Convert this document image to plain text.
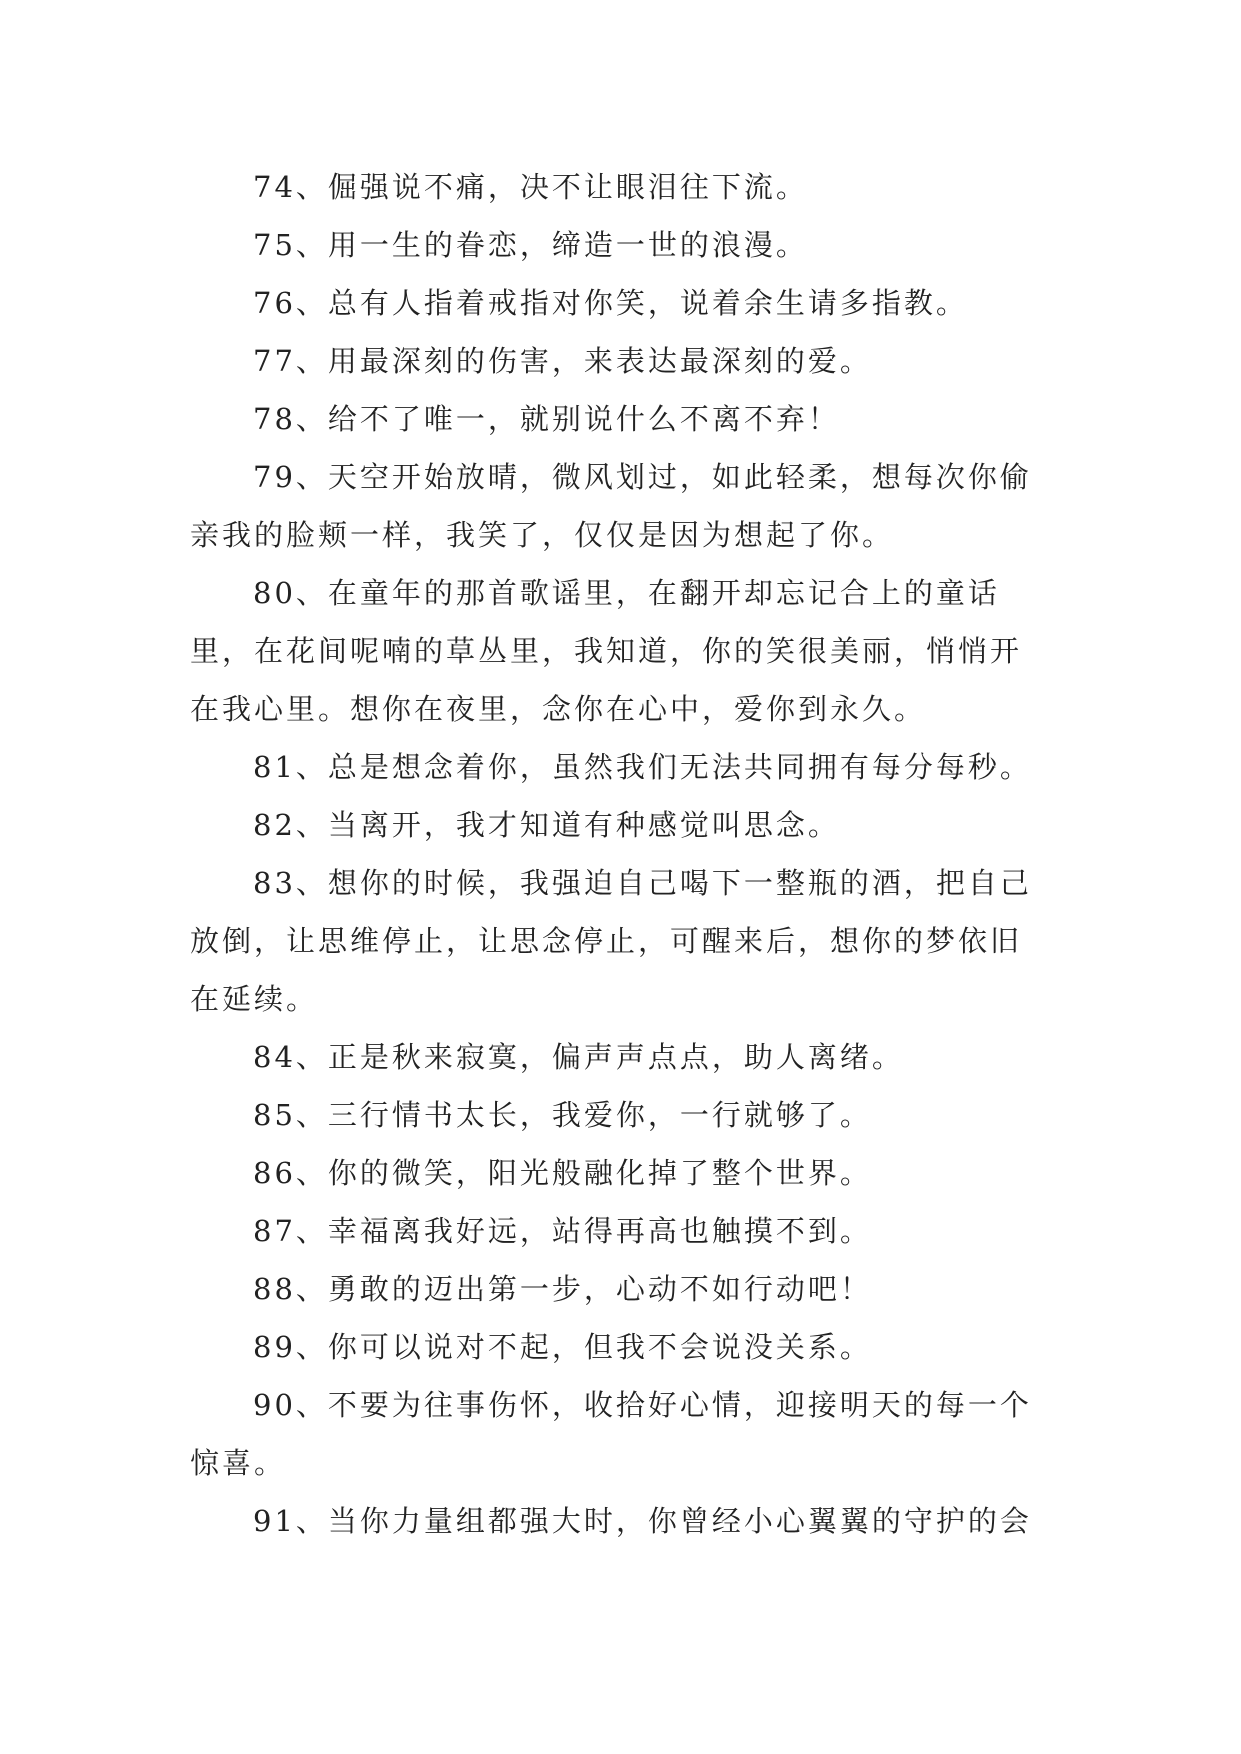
74、倔强说不痛，决不让眼泪往下流。

75、用一生的眷恋，缔造一世的浪漫。

76、总有人指着戒指对你笑，说着余生请多指教。

77、用最深刻的伤害，来表达最深刻的爱。

78、给不了唯一，就别说什么不离不弃！

79、天空开始放晴，微风划过，如此轻柔，想每次你偷亲我的脸颊一样，我笑了，仅仅是因为想起了你。

80、在童年的那首歌谣里，在翻开却忘记合上的童话里，在花间呢喃的草丛里，我知道，你的笑很美丽，悄悄开在我心里。想你在夜里，念你在心中，爱你到永久。

81、总是想念着你，虽然我们无法共同拥有每分每秒。

82、当离开，我才知道有种感觉叫思念。

83、想你的时候，我强迫自己喝下一整瓶的酒，把自己放倒，让思维停止，让思念停止，可醒来后，想你的梦依旧在延续。

84、正是秋来寂寞，偏声声点点，助人离绪。

85、三行情书太长，我爱你，一行就够了。

86、你的微笑，阳光般融化掉了整个世界。

87、幸福离我好远，站得再高也触摸不到。

88、勇敢的迈出第一步，心动不如行动吧！

89、你可以说对不起，但我不会说没关系。

90、不要为往事伤怀，收拾好心情，迎接明天的每一个惊喜。

91、当你力量组都强大时，你曾经小心翼翼的守护的会
